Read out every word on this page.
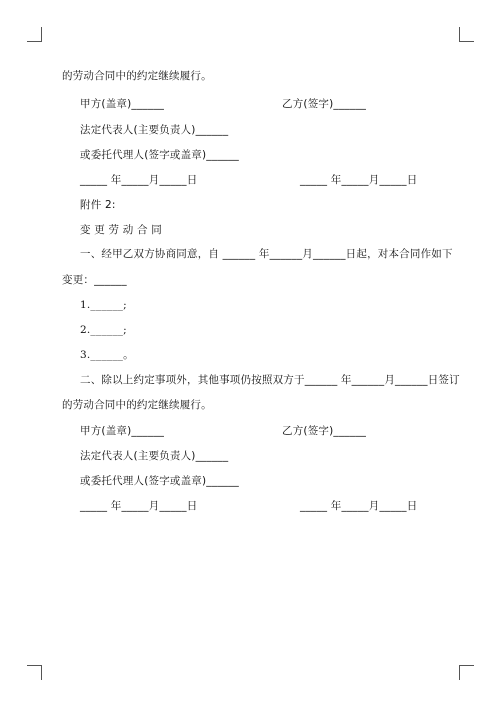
的劳动合同中的约定继续履行。
甲方(盖章)______	乙方(签字)______
法定代表人(主要负责人)______
或委托代理人(签字或盖章)______
_____ 年_____月_____日	_____ 年_____月_____日
附件 2:
变 更 劳 动 合 同
一、经甲乙双方协商同意，自 ______ 年______月______日起，对本合同作如下
变更：______
1.______;
2.______;
3.______。
二、除以上约定事项外，其他事项仍按照双方于______ 年______月______日签订
的劳动合同中的约定继续履行。
甲方(盖章)______	乙方(签字)______
法定代表人(主要负责人)______
或委托代理人(签字或盖章)______
_____ 年_____月_____日	_____ 年_____月_____日
